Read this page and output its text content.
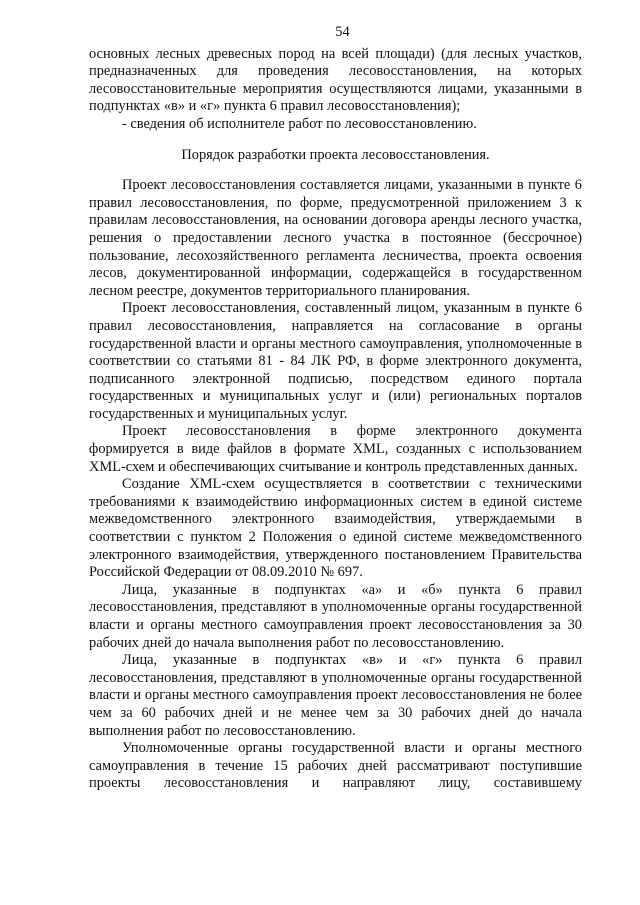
54

основных лесных древесных пород на всей площади) (для лесных участков, предназначенных для проведения лесовосстановления, на которых лесовосстановительные мероприятия осуществляются лицами, указанными в подпунктах «в» и «г» пункта 6 правил лесовосстановления);

- сведения об исполнителе работ по лесовосстановлению.

Порядок разработки проекта лесовосстановления.

Проект лесовосстановления составляется лицами, указанными в пункте 6 правил лесовосстановления, по форме, предусмотренной приложением 3 к правилам лесовосстановления, на основании договора аренды лесного участка, решения о предоставлении лесного участка в постоянное (бессрочное) пользование, лесохозяйственного регламента лесничества, проекта освоения лесов, документированной информации, содержащейся в государственном лесном реестре, документов территориального планирования.

Проект лесовосстановления, составленный лицом, указанным в пункте 6 правил лесовосстановления, направляется на согласование в органы государственной власти и органы местного самоуправления, уполномоченные в соответствии со статьями 81 - 84 ЛК РФ, в форме электронного документа, подписанного электронной подписью, посредством единого портала государственных и муниципальных услуг и (или) региональных порталов государственных и муниципальных услуг.

Проект лесовосстановления в форме электронного документа формируется в виде файлов в формате XML, созданных с использованием XML-схем и обеспечивающих считывание и контроль представленных данных.

Создание XML-схем осуществляется в соответствии с техническими требованиями к взаимодействию информационных систем в единой системе межведомственного электронного взаимодействия, утверждаемыми в соответствии с пунктом 2 Положения о единой системе межведомственного электронного взаимодействия, утвержденного постановлением Правительства Российской Федерации от 08.09.2010 № 697.

Лица, указанные в подпунктах «а» и «б» пункта 6 правил лесовосстановления, представляют в уполномоченные органы государственной власти и органы местного самоуправления проект лесовосстановления за 30 рабочих дней до начала выполнения работ по лесовосстановлению.

Лица, указанные в подпунктах «в» и «г» пункта 6 правил лесовосстановления, представляют в уполномоченные органы государственной власти и органы местного самоуправления проект лесовосстановления не более чем за 60 рабочих дней и не менее чем за 30 рабочих дней до начала выполнения работ по лесовосстановлению.

Уполномоченные органы государственной власти и органы местного самоуправления в течение 15 рабочих дней рассматривают поступившие проекты лесовосстановления и направляют лицу, составившему
